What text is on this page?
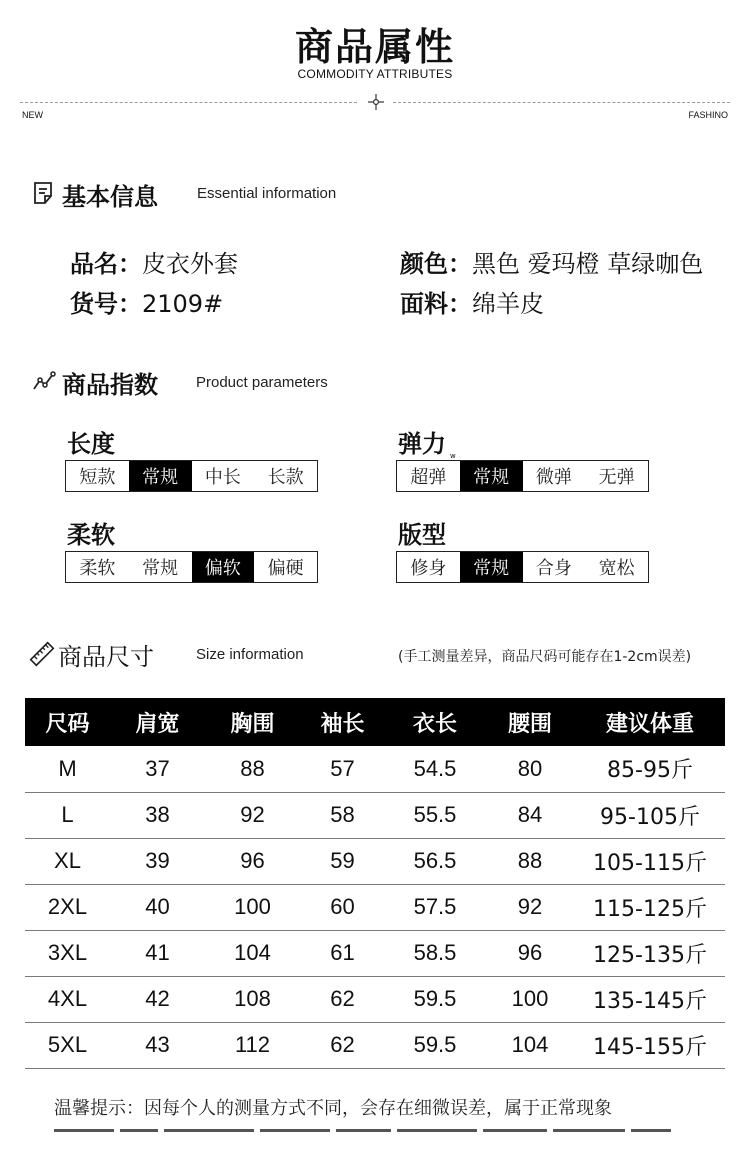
商品属性
COMMODITY ATTRIBUTES
NEW	FASHINO
基本信息	Essential information
品名：皮衣外套
货号：2109#
颜色：黑色 爱玛橙 草绿咖色
面料：绵羊皮
商品指数	Product parameters
长度
短款	常规	中长	长款
弹力 w
超弹	常规	微弹	无弹
柔软
柔软	常规	偏软	偏硬
版型
修身	常规	合身	宽松
商品尺寸	Size information	(手工测量差异，商品尺码可能存在1-2cm误差)
尺码	肩宽	胸围	袖长	衣长	腰围	建议体重
M	37	88	57	54.5	80	85-95斤
L	38	92	58	55.5	84	95-105斤
XL	39	96	59	56.5	88	105-115斤
2XL	40	100	60	57.5	92	115-125斤
3XL	41	104	61	58.5	96	125-135斤
4XL	42	108	62	59.5	100	135-145斤
5XL	43	112	62	59.5	104	145-155斤
温馨提示：因每个人的测量方式不同，会存在细微误差，属于正常现象
